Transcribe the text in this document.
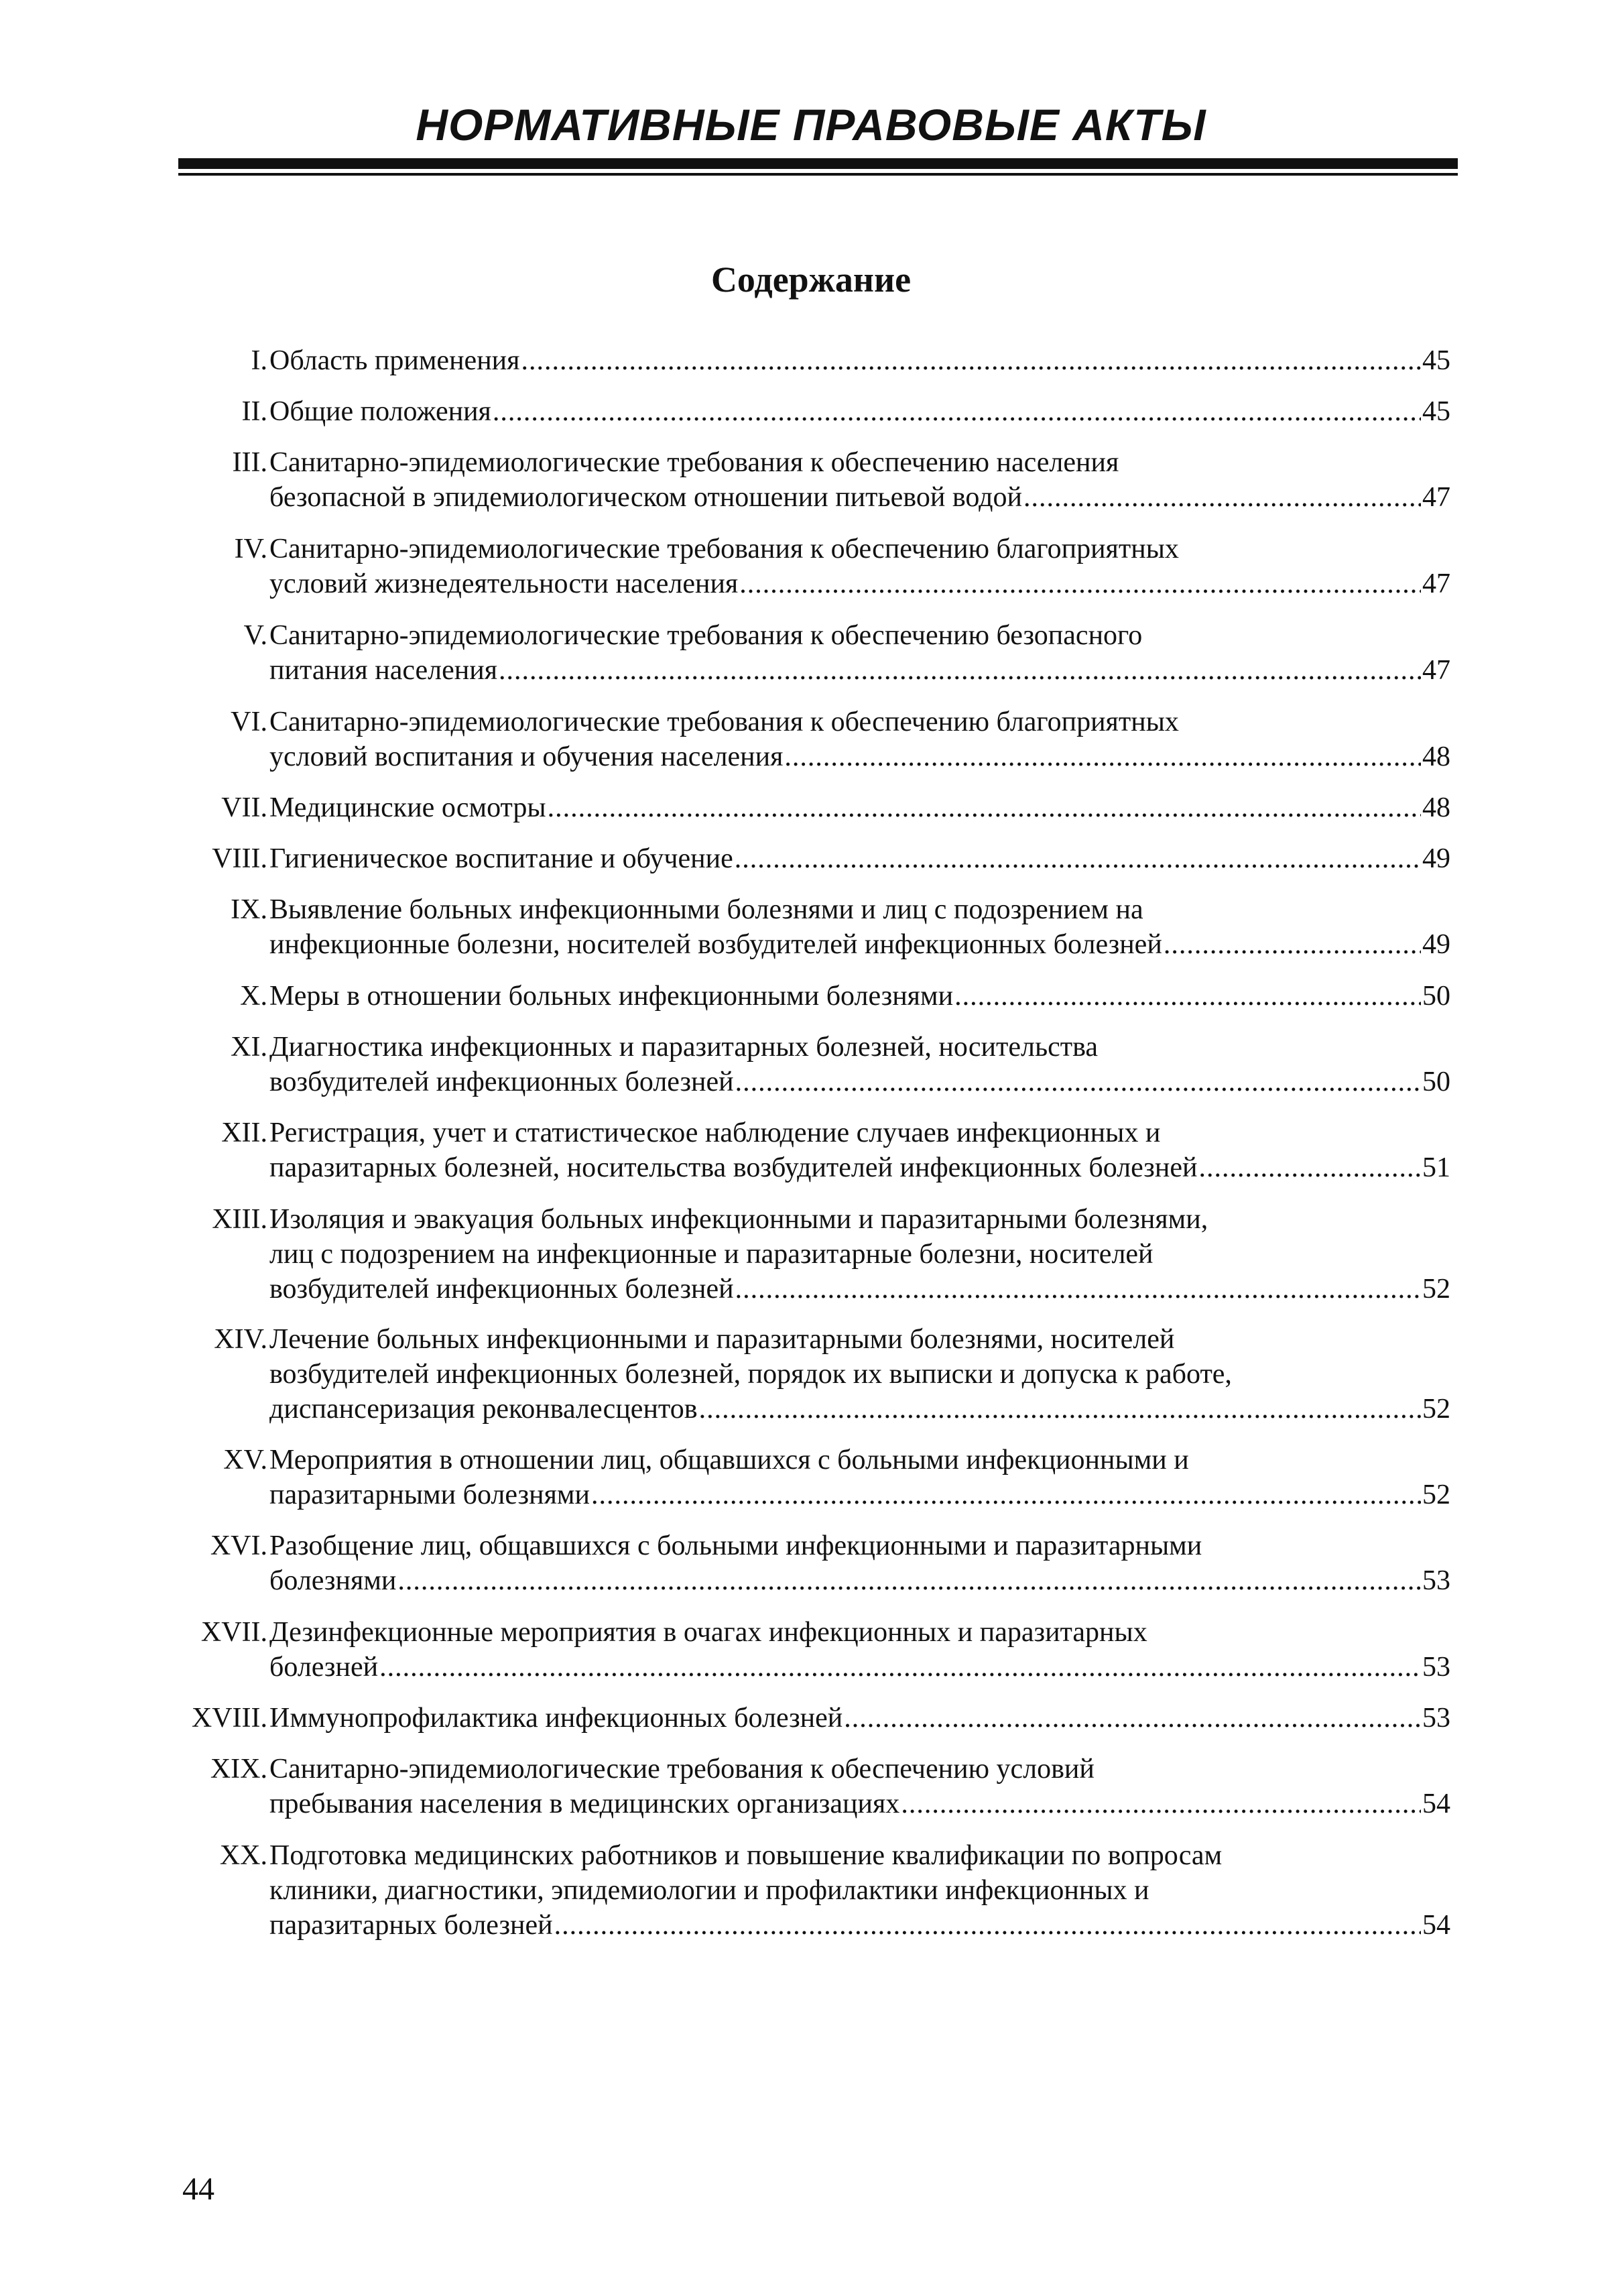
НОРМАТИВНЫЕ ПРАВОВЫЕ АКТЫ
Содержание
I. Область применения .....	45
II. Общие положения .....	45
III. Санитарно-эпидемиологические требования к обеспечению населения
безопасной в эпидемиологическом отношении питьевой водой .....	47
IV. Санитарно-эпидемиологические требования к обеспечению благоприятных
условий жизнедеятельности населения .....	47
V. Санитарно-эпидемиологические требования к обеспечению безопасного
питания населения .....	47
VI. Санитарно-эпидемиологические требования к обеспечению благоприятных
условий воспитания и обучения населения .....	48
VII. Медицинские осмотры .....	48
VIII. Гигиеническое воспитание и обучение .....	49
IX. Выявление больных инфекционными болезнями и лиц с подозрением на
инфекционные болезни, носителей возбудителей инфекционных болезней .....	49
X. Меры в отношении больных инфекционными болезнями .....	50
XI. Диагностика инфекционных и паразитарных болезней, носительства
возбудителей инфекционных болезней .....	50
XII. Регистрация, учет и статистическое наблюдение случаев инфекционных и
паразитарных болезней, носительства возбудителей инфекционных болезней .....	51
XIII. Изоляция и эвакуация больных инфекционными и паразитарными болезнями,
лиц с подозрением на инфекционные и паразитарные болезни, носителей
возбудителей инфекционных болезней .....	52
XIV. Лечение больных инфекционными и паразитарными болезнями, носителей
возбудителей инфекционных болезней, порядок их выписки и допуска к работе,
диспансеризация реконвалесцентов .....	52
XV. Мероприятия в отношении лиц, общавшихся с больными инфекционными и
паразитарными болезнями .....	52
XVI. Разобщение лиц, общавшихся с больными инфекционными и паразитарными
болезнями .....	53
XVII. Дезинфекционные мероприятия в очагах инфекционных и паразитарных
болезней .....	53
XVIII. Иммунопрофилактика инфекционных болезней .....	53
XIX. Санитарно-эпидемиологические требования к обеспечению условий
пребывания населения в медицинских организациях .....	54
XX. Подготовка медицинских работников и повышение квалификации по вопросам
клиники, диагностики, эпидемиологии и профилактики инфекционных и
паразитарных болезней .....	54
44
